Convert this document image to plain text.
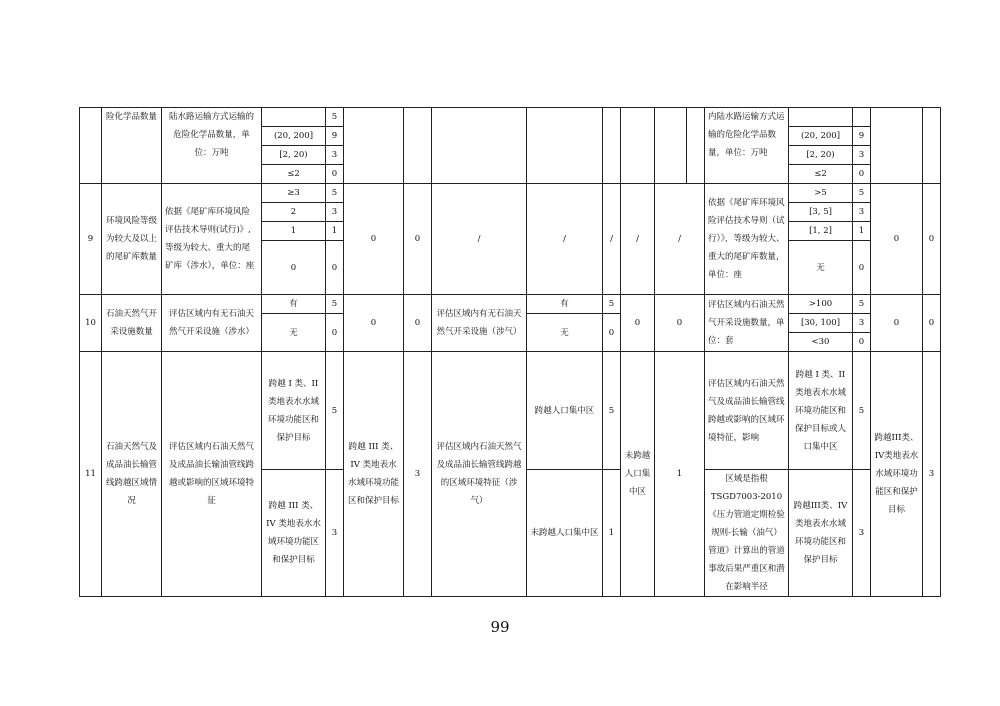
	险化学品数量	陆水路运输方式运输的危险化学品数量，单位：万吨		5									内陆水路运输方式运输的危险化学品数量，单位：万吨				
			(20, 200]	9										(20, 200]	9		
			[2, 20)	3										[2, 20)	3		
			≤2	0										≤2	0		
9	环境风险等级为较大及以上的尾矿库数量	依据《尾矿库环境风险评估技术导则(试行)》,等级为较大、重大的尾矿库（涉水），单位：座	≥3	5	0	0	/	/	/	/	/		依据《尾矿库环境风险评估技术导则（试行）》，等级为较大、重大的尾矿库数量，单位：座	>5	5	0	0
			2	3										[3, 5]	3		
			1	1										[1, 2]	1		
			0	0										无	0		
10	石油天然气开采设施数量	评估区域内有无石油天然气开采设施（涉水）	有	5	0	0	评估区域内有无石油天然气开采设施（涉气）	有	5	0	0		评估区域内石油天然气开采设施数量，单位：套	>100	5	0	0
			无	0				无	0					[30, 100]	3		
														<30	0		
11	石油天然气及成品油长输管线跨越区域情况	评估区域内石油天然气及成品油长输油管线跨越或影响的区域环境特征	跨越 I 类、II 类地表水水域环境功能区和保护目标	5	跨越 III 类、IV 类地表水水域环境功能区和保护目标	3	评估区域内石油天然气及成品油长输管线跨越的区域环境特征（涉气）	跨越人口集中区	5	未跨越人口集中区	1		评估区域内石油天然气及成品油长输管线跨越或影响的区域环境特征，影响	跨越 I 类、II 类地表水水域环境功能区和保护目标或人口集中区	5	跨越III类、IV类地表水水域环境功能区和保护目标	3
			跨越 III 类、IV 类地表水水域环境功能区和保护目标	3				未跨越人口集中区	1				区域是指根TSGD7003-2010《压力管道定期检验规则-长输（油气）管道》计算出的管道事故后果严重区和潜在影响半径	跨越III类、IV类地表水水域环境功能区和保护目标	3		
99
